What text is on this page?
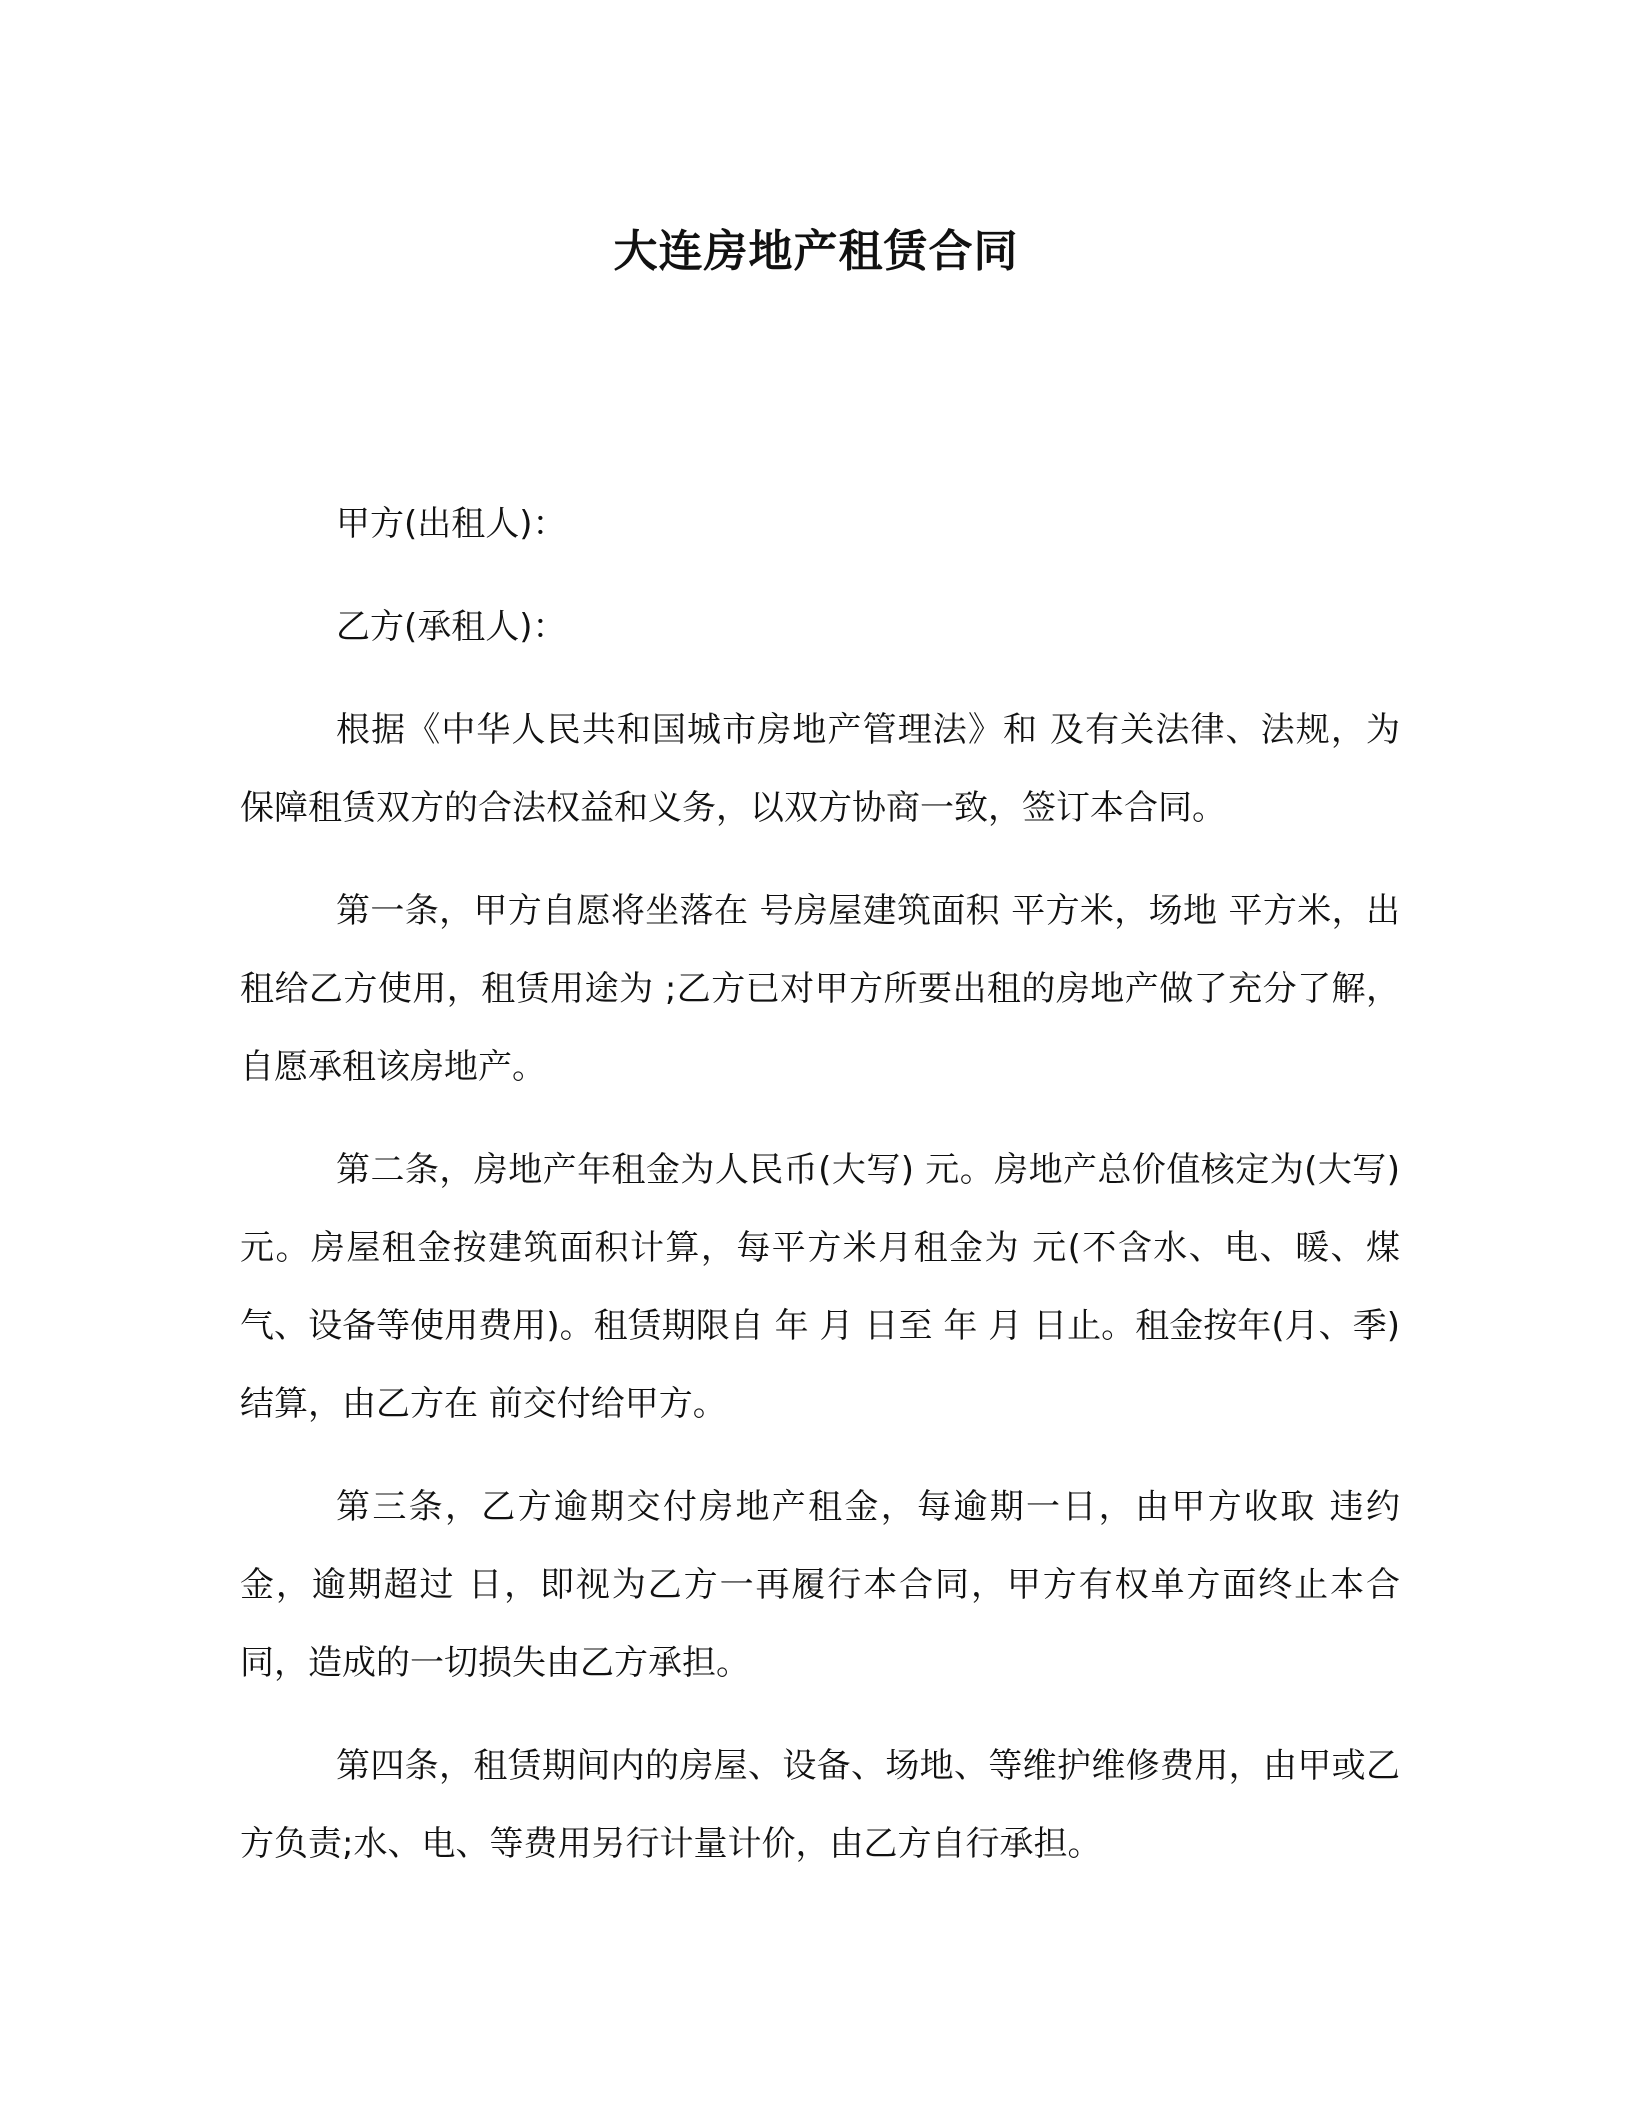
大连房地产租赁合同

甲方(出租人)：

乙方(承租人)：

根据《中华人民共和国城市房地产管理法》和 及有关法律、法规，为保障租赁双方的合法权益和义务，以双方协商一致，签订本合同。

第一条，甲方自愿将坐落在 号房屋建筑面积 平方米，场地 平方米，出租给乙方使用，租赁用途为 ;乙方已对甲方所要出租的房地产做了充分了解，自愿承租该房地产。

第二条，房地产年租金为人民币(大写) 元。房地产总价值核定为(大写) 元。房屋租金按建筑面积计算，每平方米月租金为 元(不含水、电、暖、煤气、设备等使用费用)。租赁期限自 年 月 日至 年 月 日止。租金按年(月、季)结算，由乙方在 前交付给甲方。

第三条，乙方逾期交付房地产租金，每逾期一日，由甲方收取 违约金，逾期超过 日，即视为乙方一再履行本合同，甲方有权单方面终止本合同，造成的一切损失由乙方承担。

第四条，租赁期间内的房屋、设备、场地、等维护维修费用，由甲或乙方负责;水、电、等费用另行计量计价，由乙方自行承担。
